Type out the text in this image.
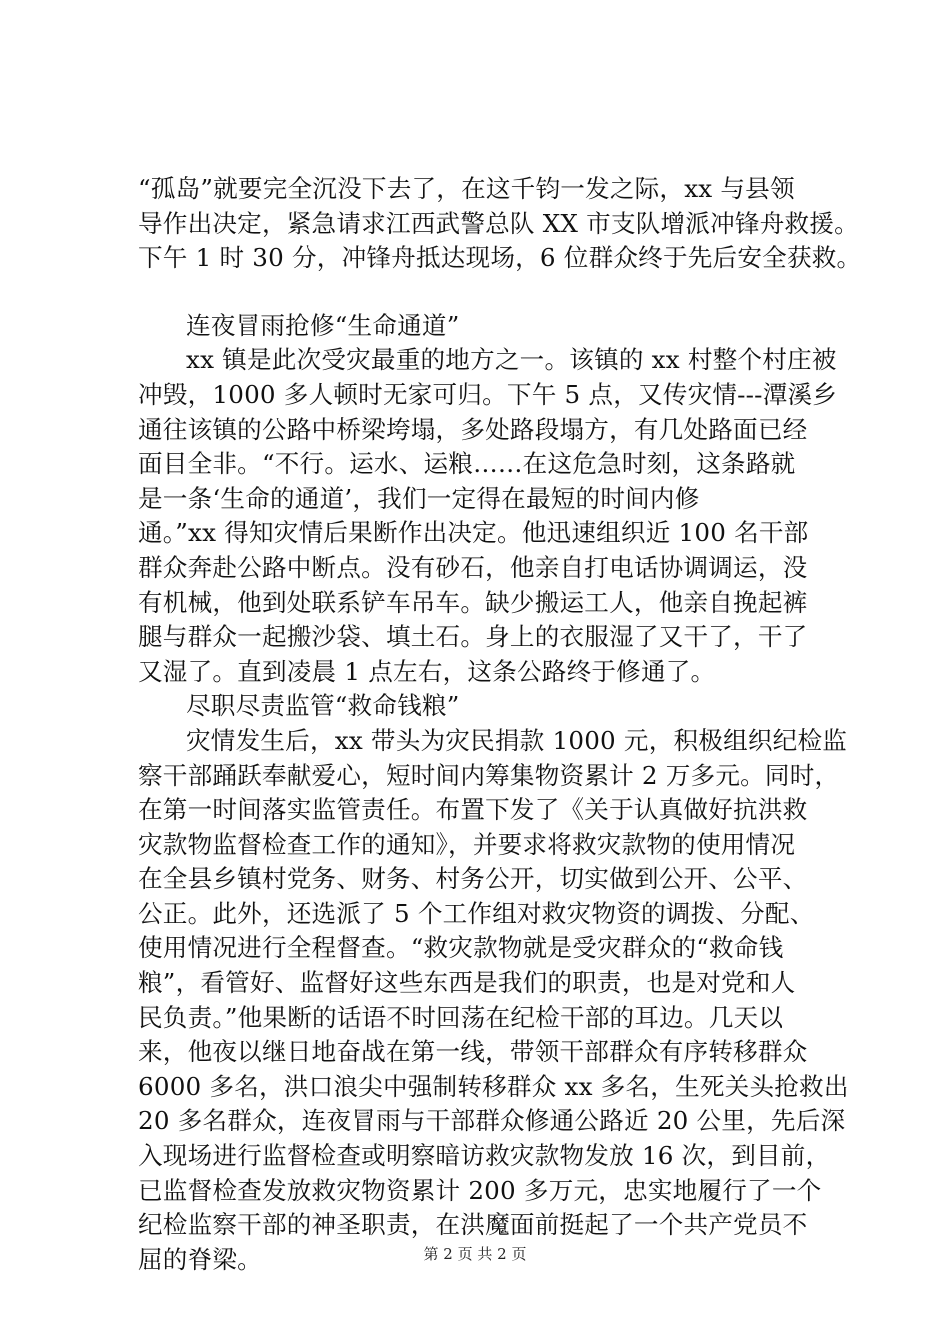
“孤岛”就要完全沉没下去了，在这千钧一发之际，xx 与县领
导作出决定，紧急请求江西武警总队 XX 市支队增派冲锋舟救援。
下午 1 时 30 分，冲锋舟抵达现场，6 位群众终于先后安全获救。
连夜冒雨抢修“生命通道”
xx 镇是此次受灾最重的地方之一。该镇的 xx 村整个村庄被
冲毁，1000 多人顿时无家可归。下午 5 点，又传灾情---潭溪乡
通往该镇的公路中桥梁垮塌，多处路段塌方，有几处路面已经
面目全非。“不行。运水、运粮……在这危急时刻，这条路就
是一条‘生命的通道’，我们一定得在最短的时间内修
通。”xx 得知灾情后果断作出决定。他迅速组织近 100 名干部
群众奔赴公路中断点。没有砂石，他亲自打电话协调调运，没
有机械，他到处联系铲车吊车。缺少搬运工人，他亲自挽起裤
腿与群众一起搬沙袋、填土石。身上的衣服湿了又干了，干了
又湿了。直到凌晨 1 点左右，这条公路终于修通了。
尽职尽责监管“救命钱粮”
灾情发生后，xx 带头为灾民捐款 1000 元，积极组织纪检监
察干部踊跃奉献爱心，短时间内筹集物资累计 2 万多元。同时，
在第一时间落实监管责任。布置下发了《关于认真做好抗洪救
灾款物监督检查工作的通知》，并要求将救灾款物的使用情况
在全县乡镇村党务、财务、村务公开，切实做到公开、公平、
公正。此外，还选派了 5 个工作组对救灾物资的调拨、分配、
使用情况进行全程督查。“救灾款物就是受灾群众的“救命钱
粮”，看管好、监督好这些东西是我们的职责，也是对党和人
民负责。”他果断的话语不时回荡在纪检干部的耳边。几天以
来，他夜以继日地奋战在第一线，带领干部群众有序转移群众
6000 多名，洪口浪尖中强制转移群众 xx 多名，生死关头抢救出
20 多名群众，连夜冒雨与干部群众修通公路近 20 公里，先后深
入现场进行监督检查或明察暗访救灾款物发放 16 次，到目前，
已监督检查发放救灾物资累计 200 多万元，忠实地履行了一个
纪检监察干部的神圣职责，在洪魔面前挺起了一个共产党员不
屈的脊梁。	第 2 页 共 2 页
